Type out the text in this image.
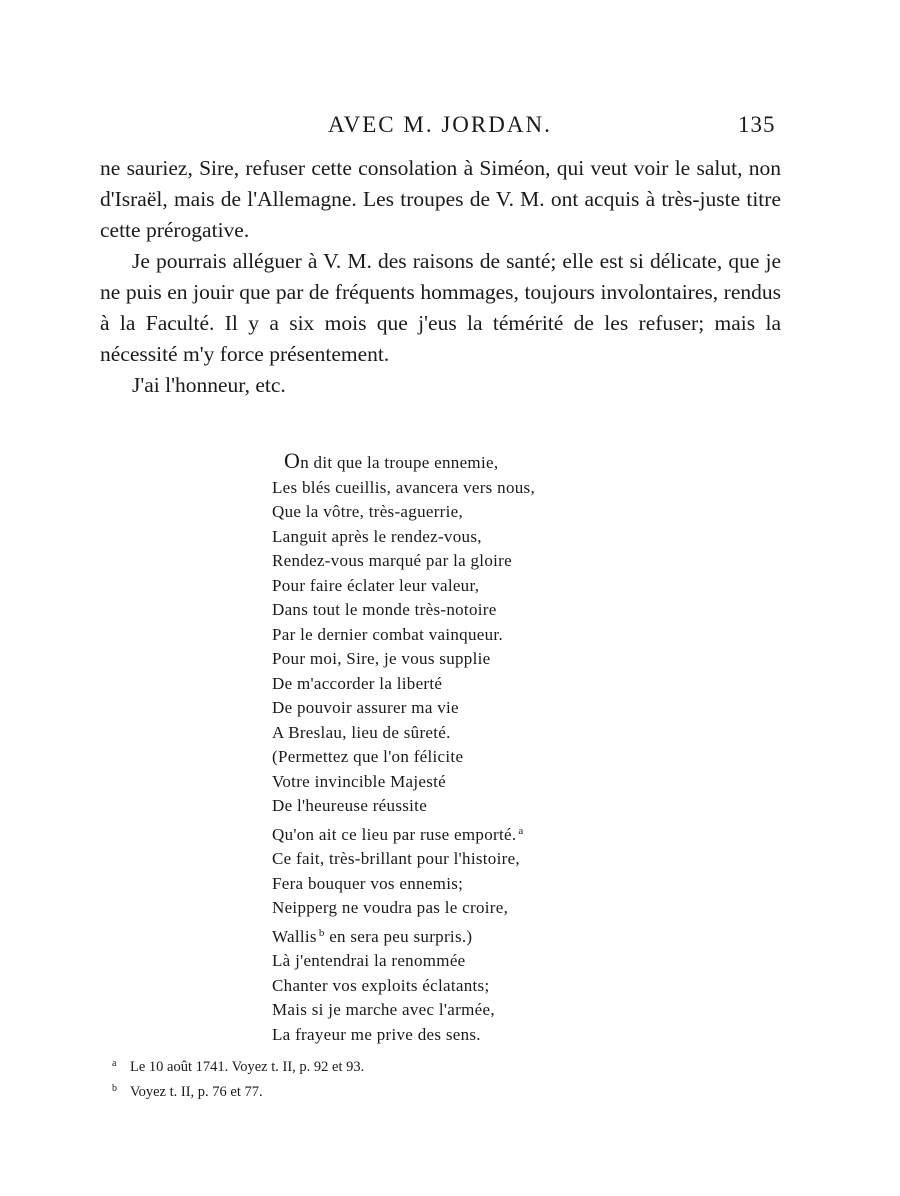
AVEC M. JORDAN.	135

ne sauriez, Sire, refuser cette consolation à Siméon, qui veut voir le salut, non d'Israël, mais de l'Allemagne. Les troupes de V. M. ont acquis à très-juste titre cette prérogative.

Je pourrais alléguer à V. M. des raisons de santé; elle est si délicate, que je ne puis en jouir que par de fréquents hommages, toujours involontaires, rendus à la Faculté. Il y a six mois que j'eus la témérité de les refuser; mais la nécessité m'y force présentement.

J'ai l'honneur, etc.

On dit que la troupe ennemie,
Les blés cueillis, avancera vers nous,
Que la vôtre, très-aguerrie,
Languit après le rendez-vous,
Rendez-vous marqué par la gloire
Pour faire éclater leur valeur,
Dans tout le monde très-notoire
Par le dernier combat vainqueur.
Pour moi, Sire, je vous supplie
De m'accorder la liberté
De pouvoir assurer ma vie
A Breslau, lieu de sûreté.
(Permettez que l'on félicite
Votre invincible Majesté
De l'heureuse réussite
Qu'on ait ce lieu par ruse emporté. $^a$
Ce fait, très-brillant pour l'histoire,
Fera bouquer vos ennemis;
Neipperg ne voudra pas le croire,
Wallis $^b$ en sera peu surpris.)
Là j'entendrai la renommée
Chanter vos exploits éclatants;
Mais si je marche avec l'armée,
La frayeur me prive des sens.
a Le 10 août 1741. Voyez t. II, p. 92 et 93.
b Voyez t. II, p. 76 et 77.
